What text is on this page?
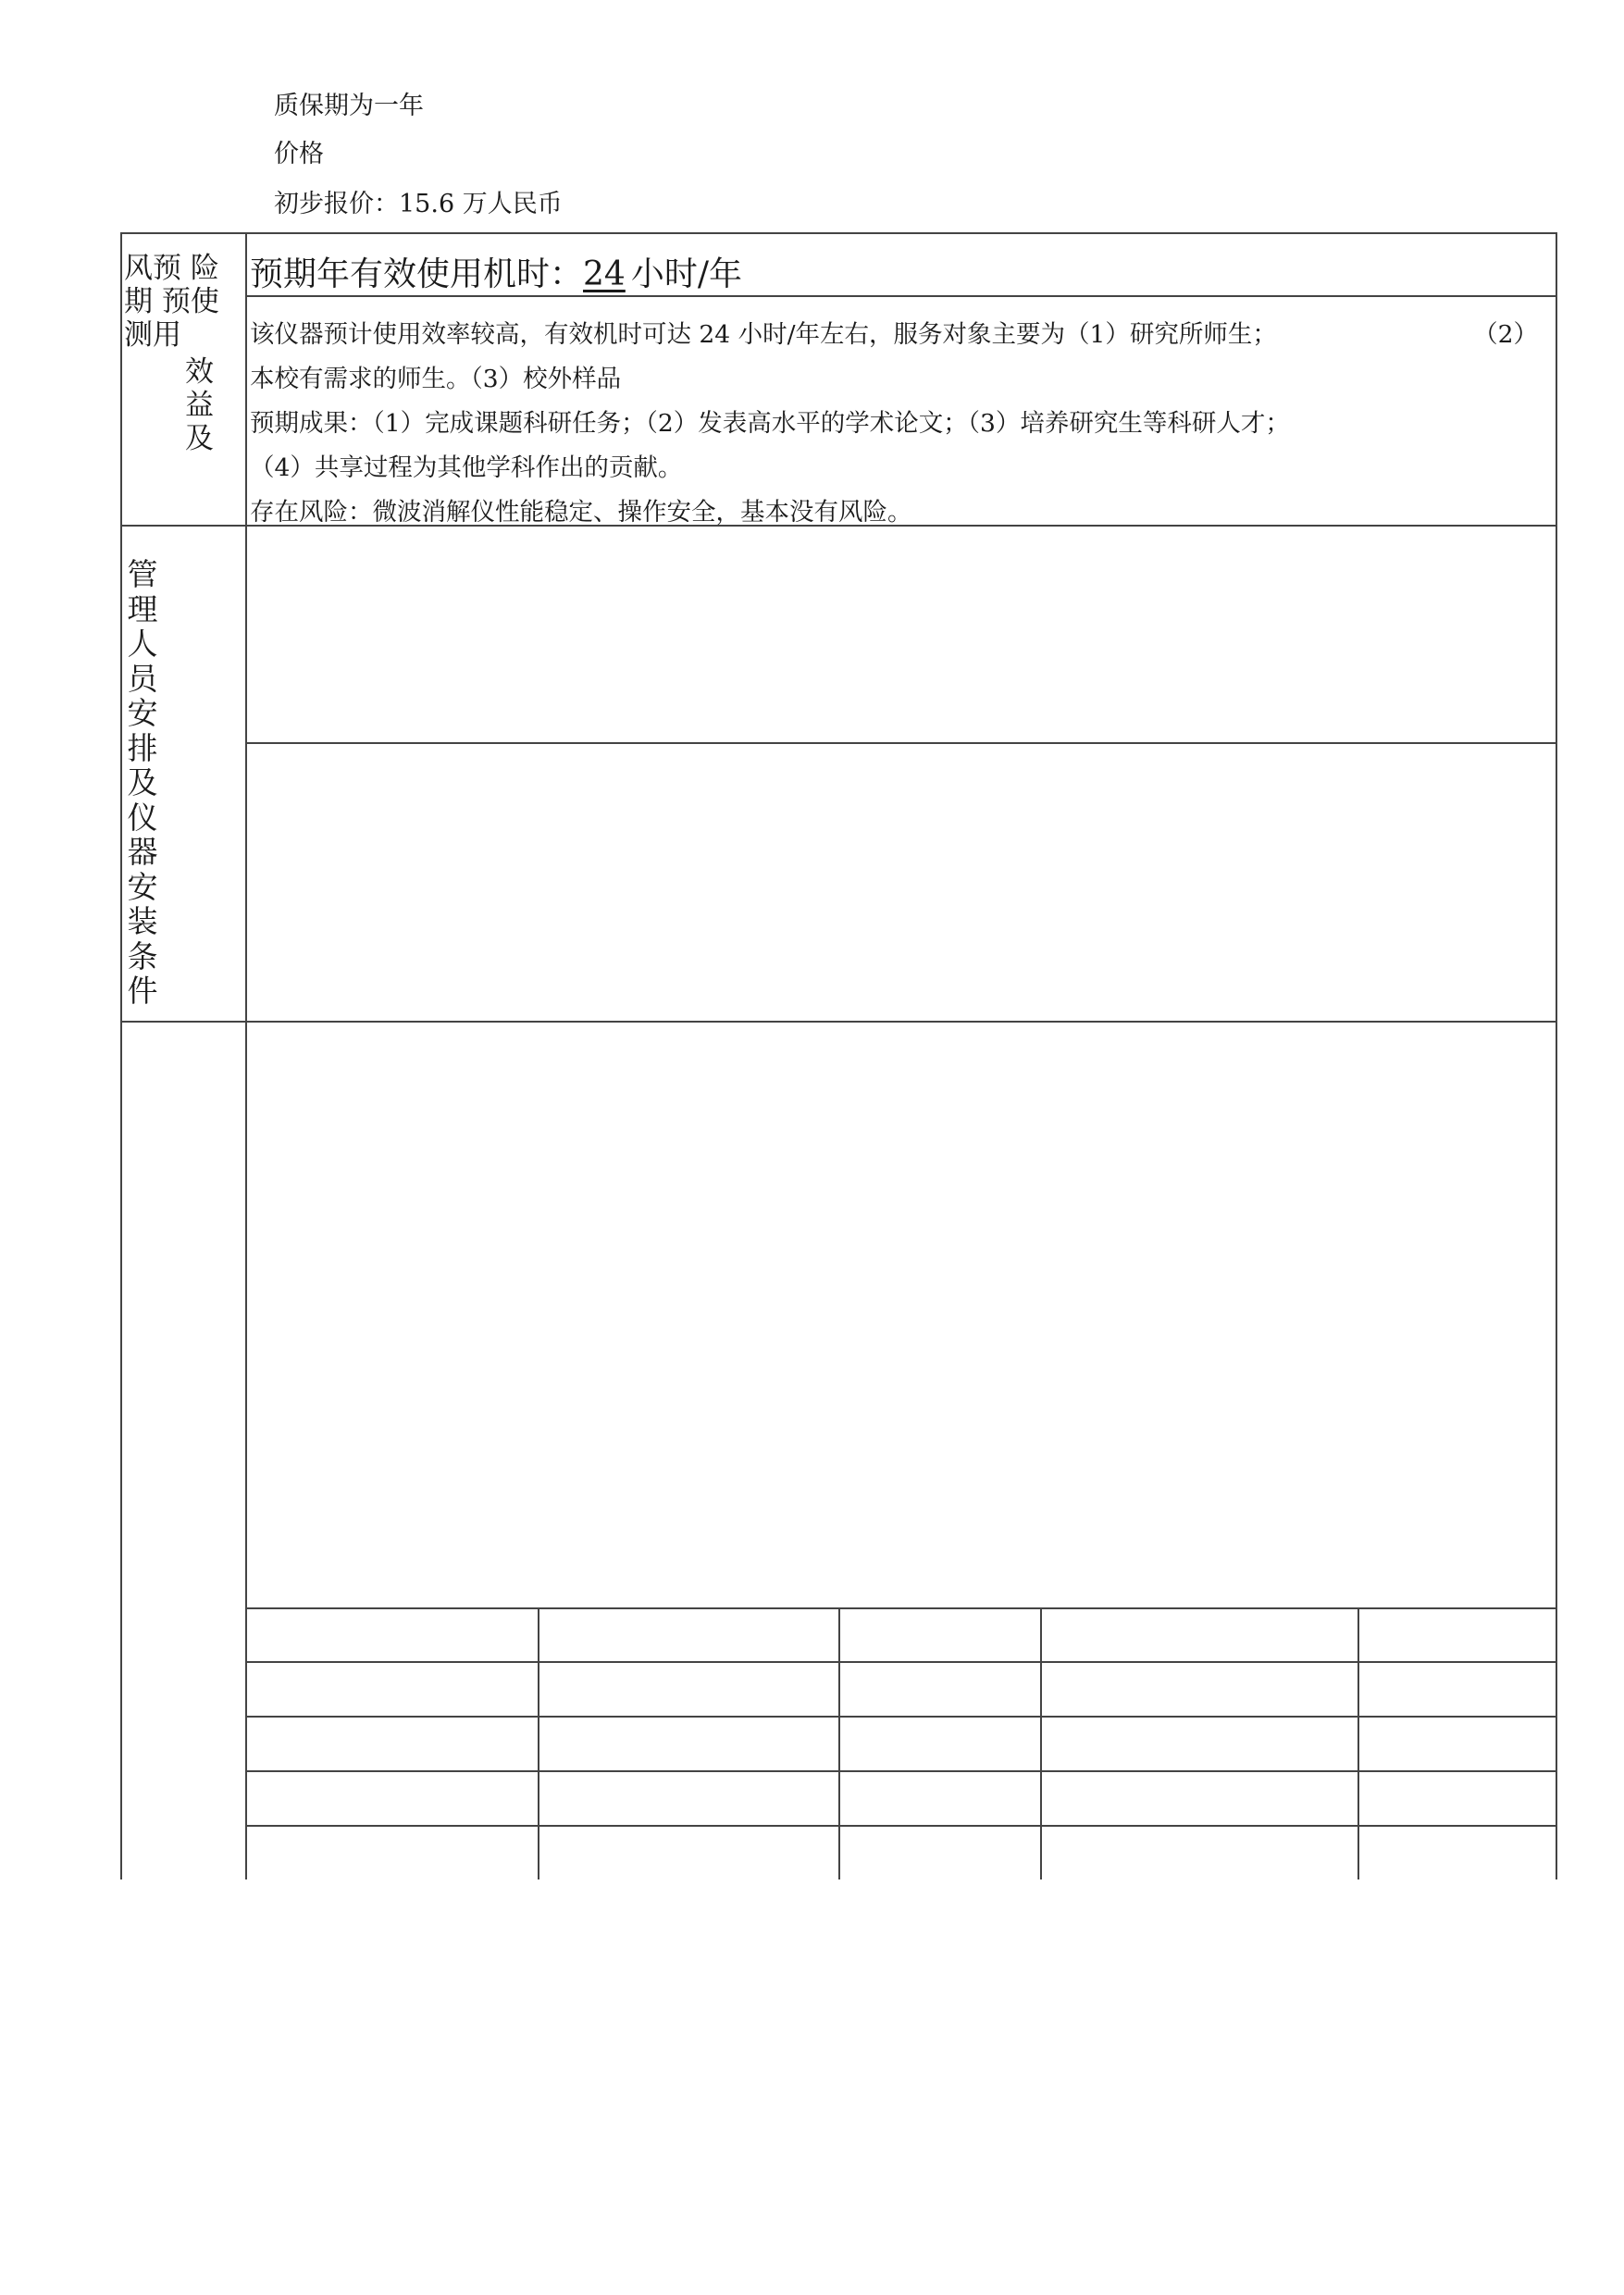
质保期为一年
价格
初步报价：15.6 万人民币
风预 险
期 预使
测用
效
益
及
预期年有效使用机时：24 小时/年

该仪器预计使用效率较高，有效机时可达 24 小时/年左右，服务对象主要为（1）研究所师生；	（2）

本校有需求的师生。（3）校外样品

预期成果：（1）完成课题科研任务；（2）发表高水平的学术论文；（3）培养研究生等科研人才；

（4）共享过程为其他学科作出的贡献。

存在风险：微波消解仪性能稳定、操作安全，基本没有风险。

管理人员安排及仪器安装条件
